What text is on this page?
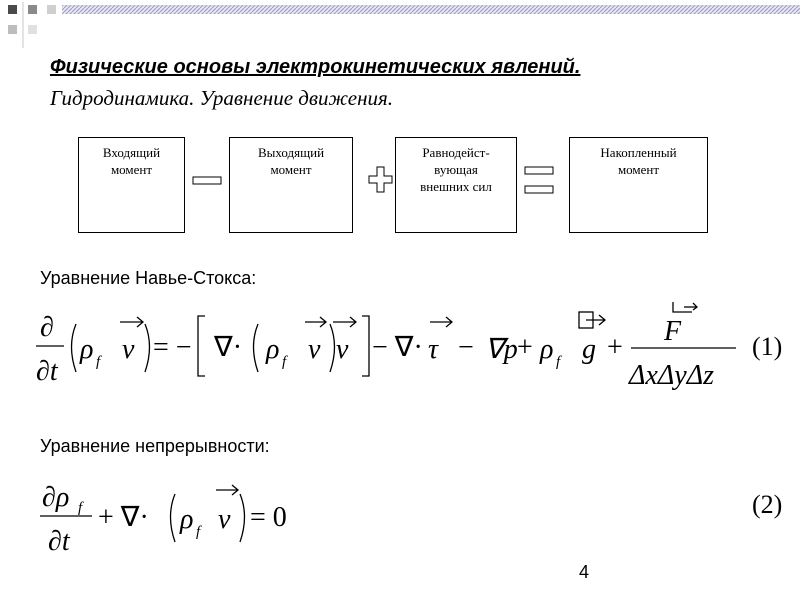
Физические основы электрокинетических явлений.
Гидродинамика. Уравнение движения.
Входящий
момент
Выходящий
момент
Равнодейст-
вующая
внешних сил
Накопленный
момент
Уравнение Навье-Стокса:
∂
∂t
ρ v	ρ v v	τ ∇p ρ g
F
ΔxΔyΔz
f	f	f
= − ∇·	− ∇· − +	+	(1)
Уравнение непрерывности:
∂ρ
∂t
ρ v
f
f
+ ∇·	= 0	(2)
4
